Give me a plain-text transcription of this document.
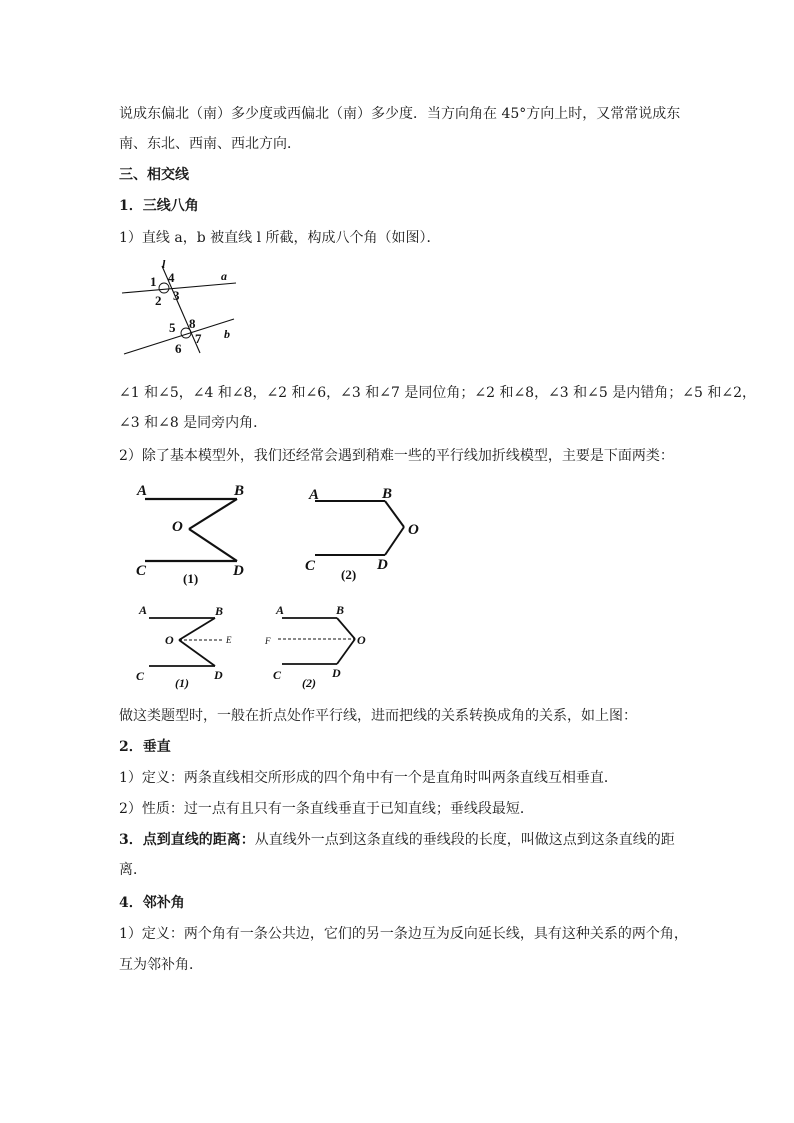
说成东偏北（南）多少度或西偏北（南）多少度．当方向角在 45°方向上时，又常常说成东
南、东北、西南、西北方向．
三、相交线
1．三线八角
1）直线 a，b 被直线 l 所截，构成八个角（如图）．
l
a
b
1
2 3
4
5
6
7
8
∠1 和∠5，∠4 和∠8，∠2 和∠6，∠3 和∠7 是同位角；∠2 和∠8，∠3 和∠5 是内错角；∠5 和∠2，
∠3 和∠8 是同旁内角．
2）除了基本模型外，我们还经常会遇到稍难一些的平行线加折线模型，主要是下面两类：
A	B
O
C	D
(1)
A	B
O
C	D
(2)
A	B
O	E
C	D
(1)
A	B
O
F
C	D
(2)
做这类题型时，一般在折点处作平行线，进而把线的关系转换成角的关系，如上图：
2．垂直
1）定义：两条直线相交所形成的四个角中有一个是直角时叫两条直线互相垂直．
2）性质：过一点有且只有一条直线垂直于已知直线；垂线段最短．
3．点到直线的距离：从直线外一点到这条直线的垂线段的长度，叫做这点到这条直线的距
离．
4．邻补角
1）定义：两个角有一条公共边，它们的另一条边互为反向延长线，具有这种关系的两个角，
互为邻补角．
